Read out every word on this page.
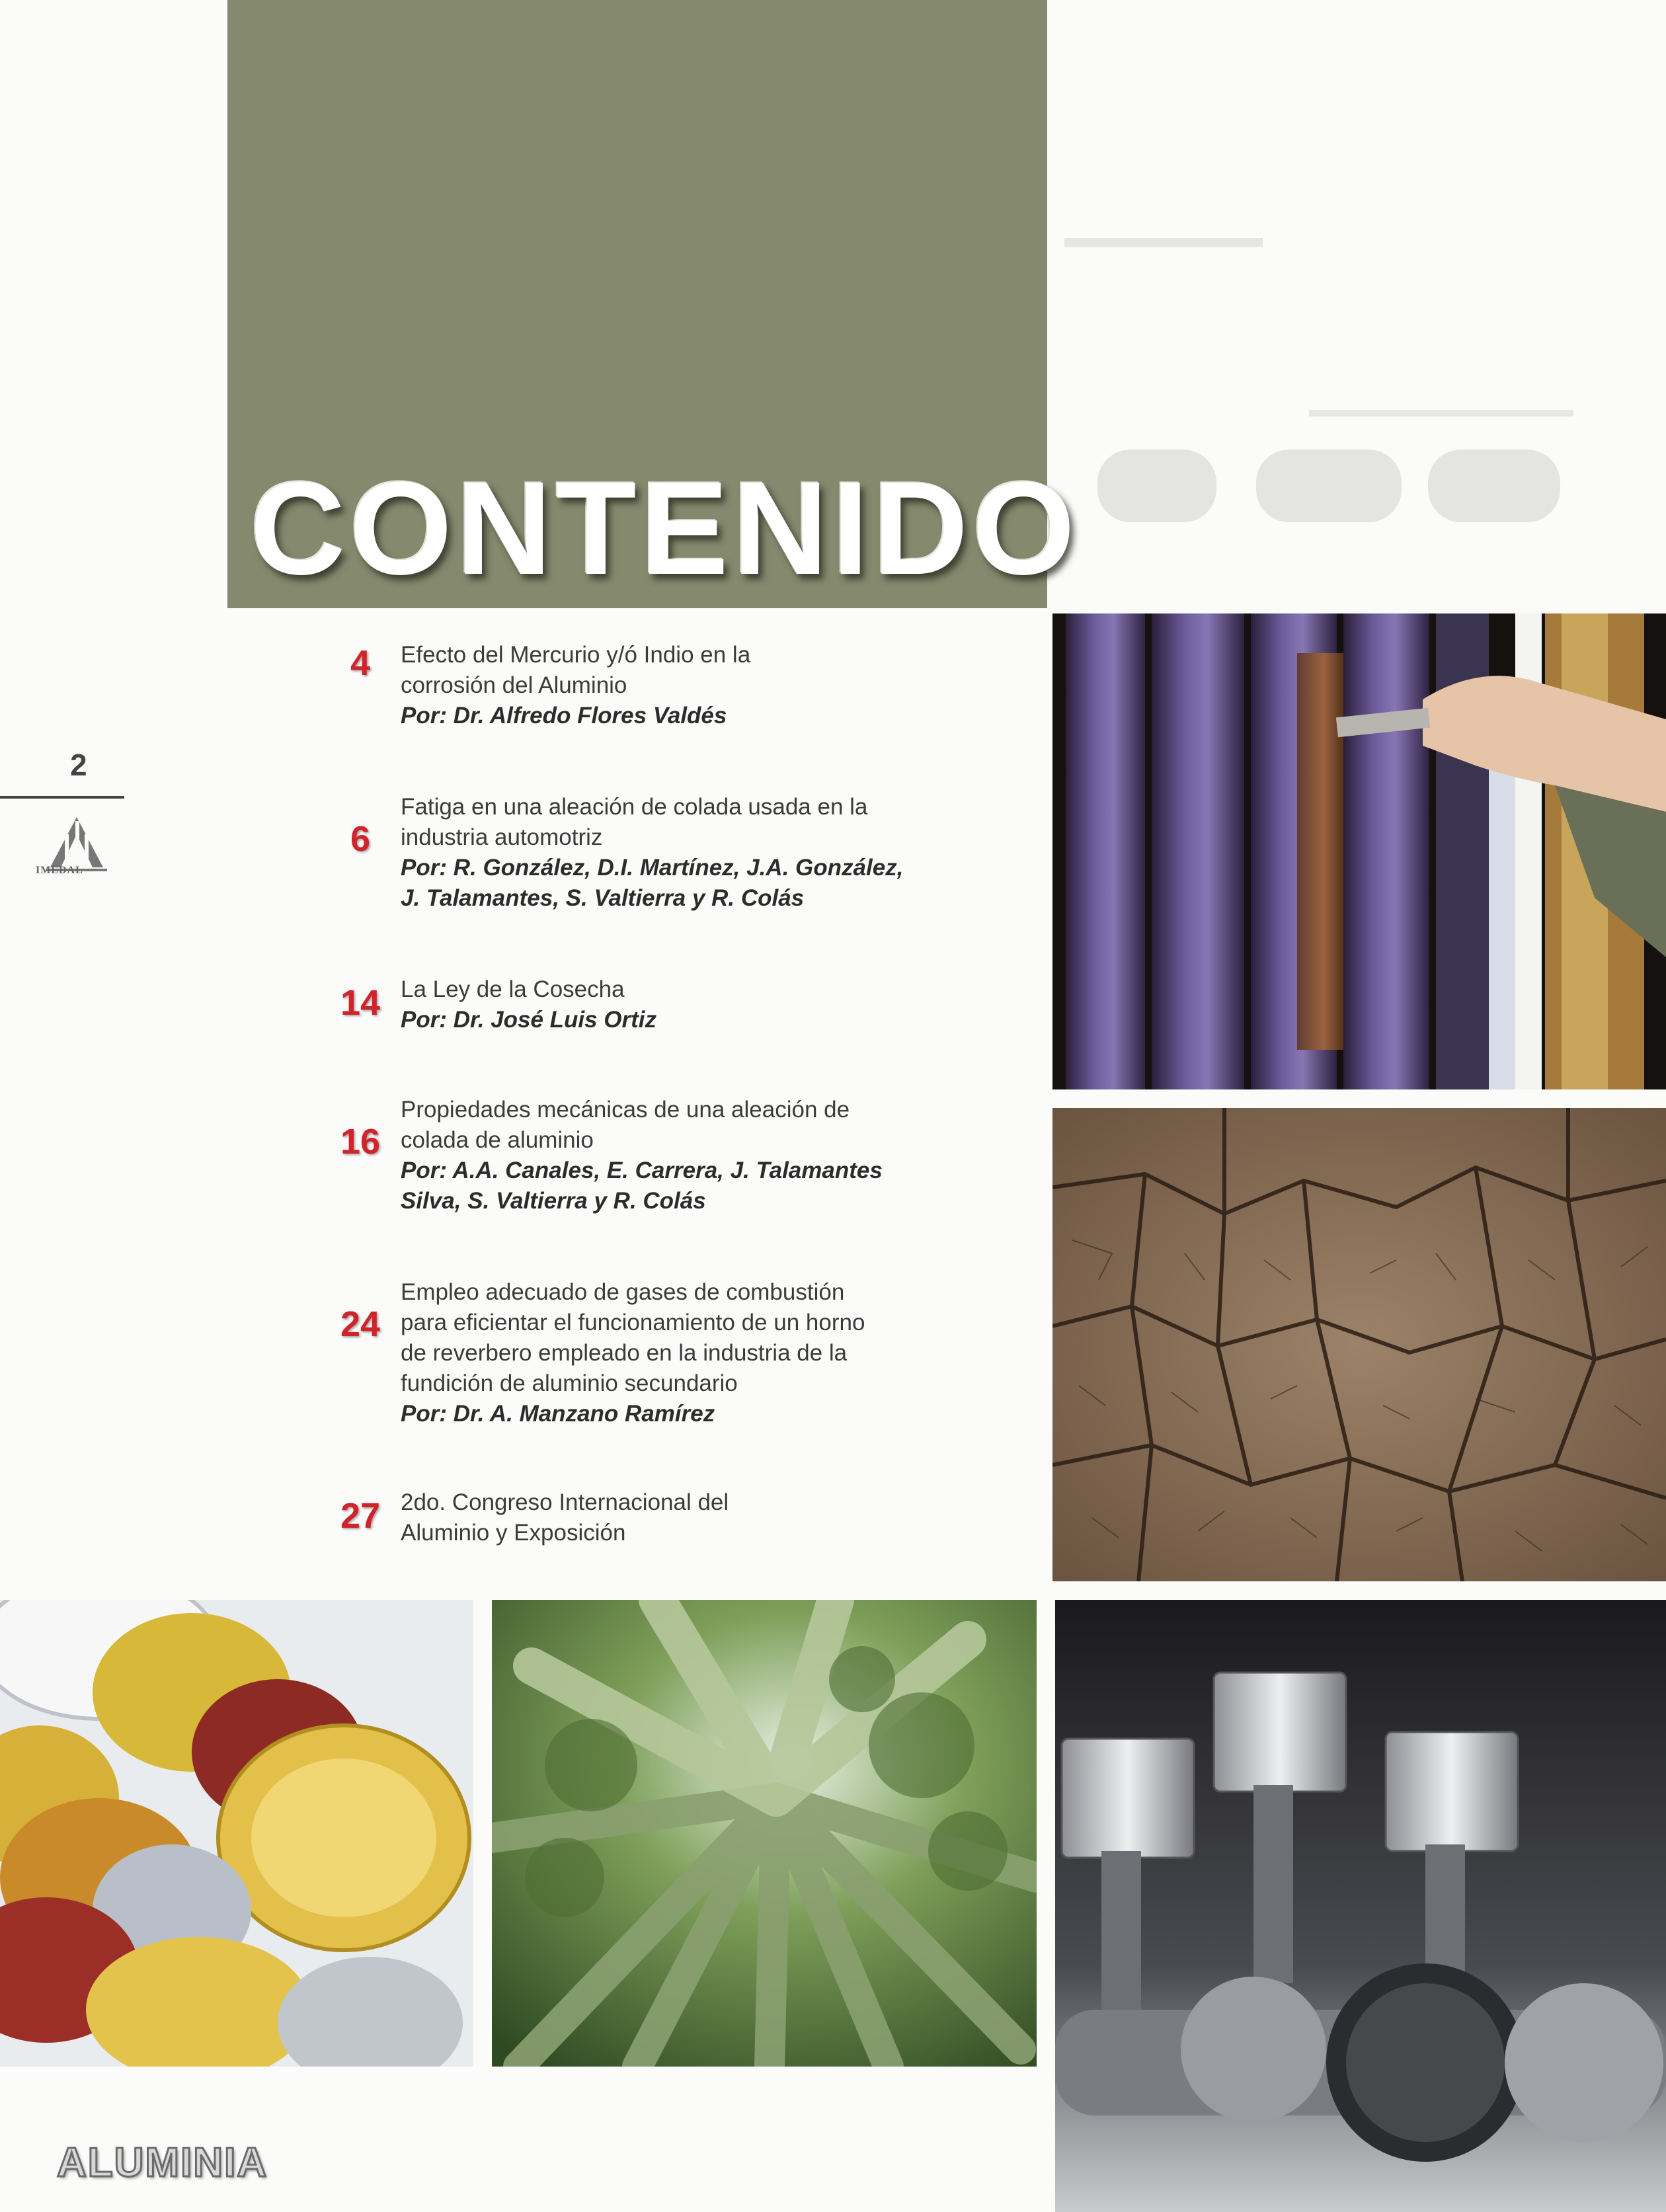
CONTENIDO
2
IMEDAL
4	Efecto del Mercurio y/ó Indio en la
corrosión del Aluminio
Por: Dr. Alfredo Flores Valdés
6
Fatiga en una aleación de colada usada en la
industria automotriz
Por: R. González, D.I. Martínez, J.A. González,
J. Talamantes, S. Valtierra y R. Colás
14 La Ley de la Cosecha
Por: Dr. José Luis Ortiz
16
Propiedades mecánicas de una aleación de
colada de aluminio
Por: A.A. Canales, E. Carrera, J. Talamantes
Silva, S. Valtierra y R. Colás
24
Empleo adecuado de gases de combustión
para eficientar el funcionamiento de un horno
de reverbero empleado en la industria de la
fundición de aluminio secundario
Por: Dr. A. Manzano Ramírez
27 2do. Congreso Internacional del
Aluminio y Exposición
ALUMINIA
